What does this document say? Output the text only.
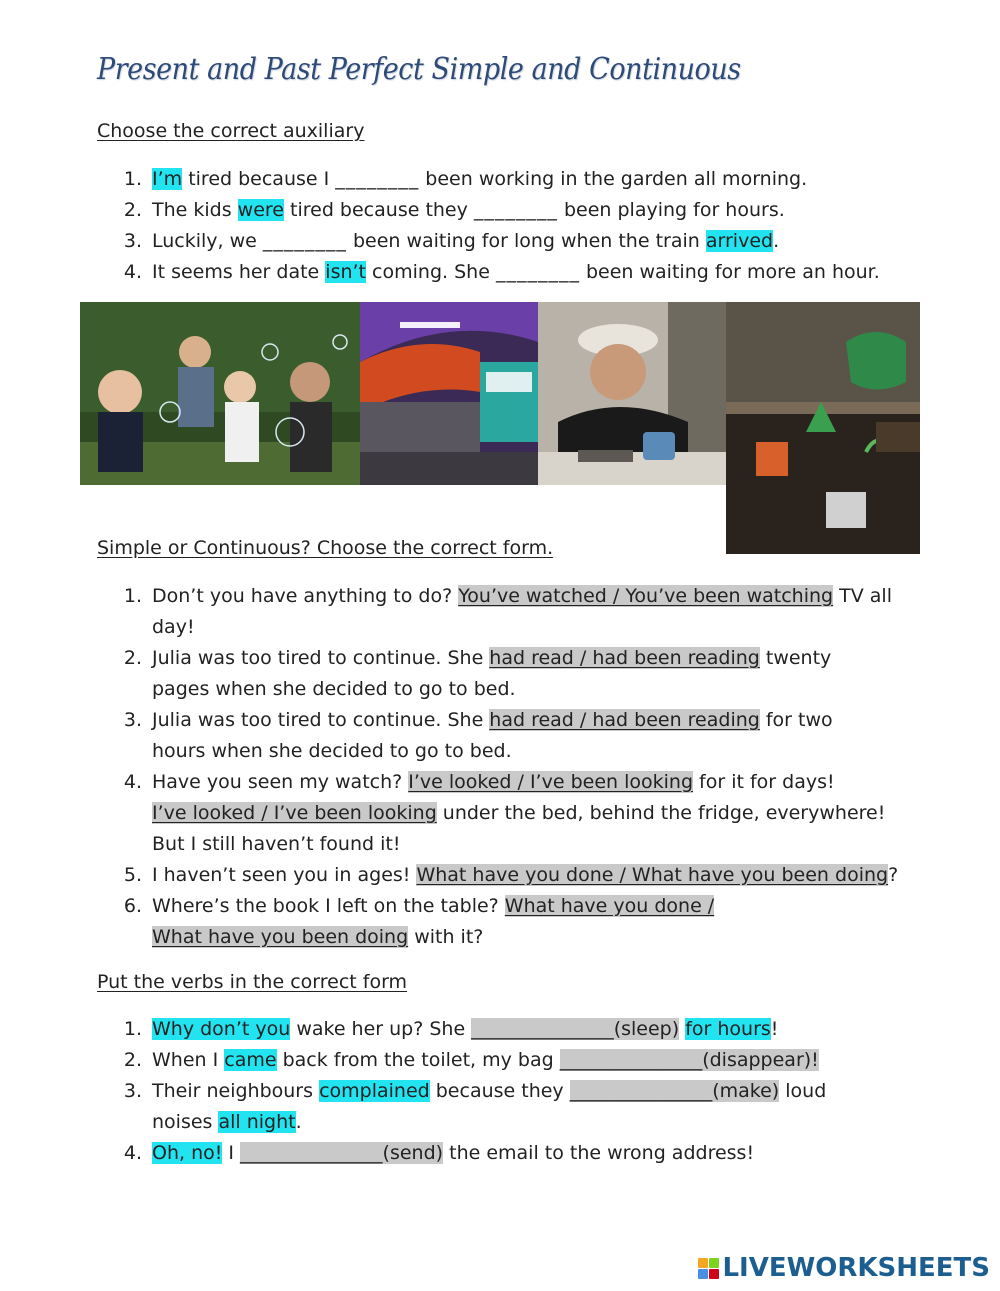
Present and Past Perfect Simple and Continuous
Choose the correct auxiliary
1. I’m tired because I ________ been working in the garden all morning.
2. The kids were tired because they ________ been playing for hours.
3. Luckily, we ________ been waiting for long when the train arrived.
4. It seems her date isn’t coming. She ________ been waiting for more an hour.
Simple or Continuous? Choose the correct form.
1. Don’t you have anything to do? You’ve watched / You’ve been watching TV all
day!
2. Julia was too tired to continue. She had read / had been reading twenty
pages when she decided to go to bed.
3. Julia was too tired to continue. She had read / had been reading for two
hours when she decided to go to bed.
4. Have you seen my watch? I’ve looked / I’ve been looking for it for days!
I’ve looked / I’ve been looking under the bed, behind the fridge, everywhere!
But I still haven’t found it!
5. I haven’t seen you in ages! What have you done / What have you been doing?
6. Where’s the book I left on the table? What have you done /
What have you been doing with it?
Put the verbs in the correct form
1. Why don’t you wake her up? She _______________(sleep) for hours!
2. When I came back from the toilet, my bag _______________(disappear)!
3. Their neighbours complained because they _______________(make) loud
noises all night.
4. Oh, no! I _______________(send) the email to the wrong address!
LIVEWORKSHEETS
